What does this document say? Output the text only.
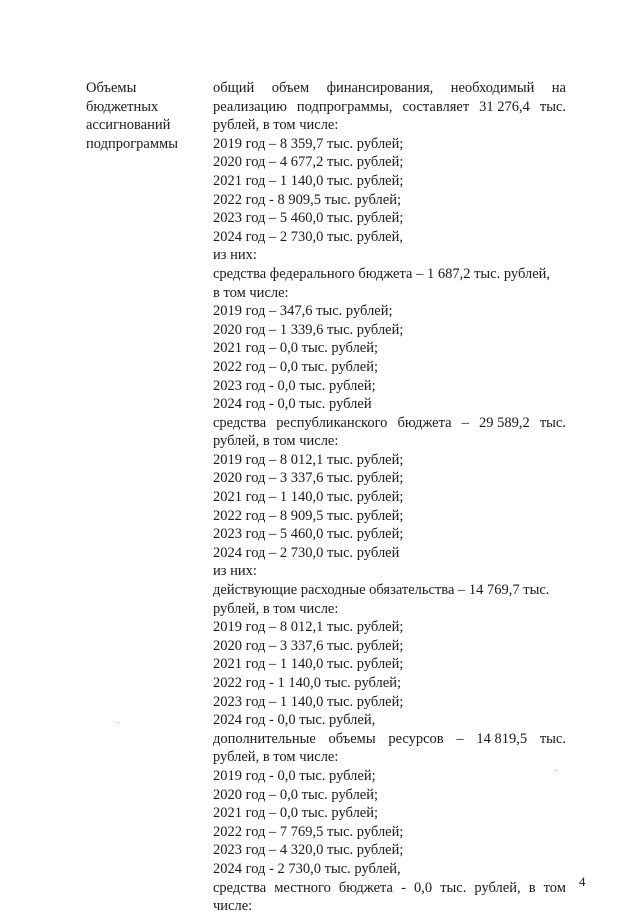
Объемы
бюджетных
ассигнований
подпрограммы
общий объем финансирования, необходимый на
реализацию подпрограммы, составляет 31 276,4 тыс.
рублей, в том числе:
2019 год – 8 359,7 тыс. рублей;
2020 год – 4 677,2 тыс. рублей;
2021 год – 1 140,0 тыс. рублей;
2022 год - 8 909,5 тыс. рублей;
2023 год – 5 460,0 тыс. рублей;
2024 год – 2 730,0 тыс. рублей,
из них:
средства федерального бюджета – 1 687,2 тыс. рублей,
в том числе:
2019 год – 347,6 тыс. рублей;
2020 год – 1 339,6 тыс. рублей;
2021 год – 0,0 тыс. рублей;
2022 год – 0,0 тыс. рублей;
2023 год - 0,0 тыс. рублей;
2024 год - 0,0 тыс. рублей
средства республиканского бюджета – 29 589,2 тыс.
рублей, в том числе:
2019 год – 8 012,1 тыс. рублей;
2020 год – 3 337,6 тыс. рублей;
2021 год – 1 140,0 тыс. рублей;
2022 год – 8 909,5 тыс. рублей;
2023 год – 5 460,0 тыс. рублей;
2024 год – 2 730,0 тыс. рублей
из них:
действующие расходные обязательства – 14 769,7 тыс.
рублей, в том числе:
2019 год – 8 012,1 тыс. рублей;
2020 год – 3 337,6 тыс. рублей;
2021 год – 1 140,0 тыс. рублей;
2022 год - 1 140,0 тыс. рублей;
2023 год – 1 140,0 тыс. рублей;
2024 год - 0,0 тыс. рублей,
дополнительные объемы ресурсов – 14 819,5 тыс.
рублей, в том числе:
2019 год - 0,0 тыс. рублей;
2020 год – 0,0 тыс. рублей;
2021 год – 0,0 тыс. рублей;
2022 год – 7 769,5 тыс. рублей;
2023 год – 4 320,0 тыс. рублей;
2024 год - 2 730,0 тыс. рублей,
средства местного бюджета - 0,0 тыс. рублей, в том
числе:
4
